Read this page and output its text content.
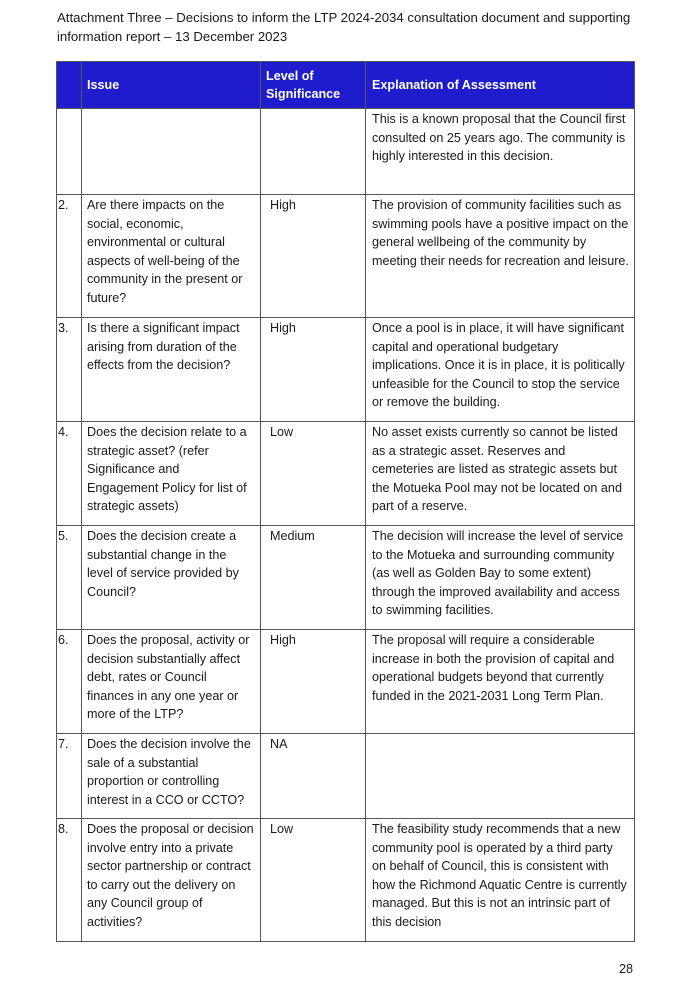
Attachment Three – Decisions to inform the LTP 2024-2034 consultation document and supporting
information report – 13 December 2023
	Issue	Level of
Significance	Explanation of Assessment

			This is a known proposal that the Council first consulted on 25 years ago. The community is highly interested in this decision.

2.	Are there impacts on the social, economic, environmental or cultural aspects of well-being of the community in the present or future?	High	The provision of community facilities such as swimming pools have a positive impact on the general wellbeing of the community by meeting their needs for recreation and leisure.

3.	Is there a significant impact arising from duration of the effects from the decision?	High	Once a pool is in place, it will have significant capital and operational budgetary implications. Once it is in place, it is politically unfeasible for the Council to stop the service or remove the building.

4.	Does the decision relate to a strategic asset? (refer Significance and Engagement Policy for list of strategic assets)	Low	No asset exists currently so cannot be listed as a strategic asset. Reserves and cemeteries are listed as strategic assets but the Motueka Pool may not be located on and part of a reserve.

5.	Does the decision create a substantial change in the level of service provided by Council?	Medium	The decision will increase the level of service to the Motueka and surrounding community (as well as Golden Bay to some extent) through the improved availability and access to swimming facilities.

6.	Does the proposal, activity or decision substantially affect debt, rates or Council finances in any one year or more of the LTP?	High	The proposal will require a considerable increase in both the provision of capital and operational budgets beyond that currently funded in the 2021-2031 Long Term Plan.

7.	Does the decision involve the sale of a substantial proportion or controlling interest in a CCO or CCTO?	NA	

8.	Does the proposal or decision involve entry into a private sector partnership or contract to carry out the delivery on any Council group of activities?	Low	The feasibility study recommends that a new community pool is operated by a third party on behalf of Council, this is consistent with how the Richmond Aquatic Centre is currently managed. But this is not an intrinsic part of this decision
28
